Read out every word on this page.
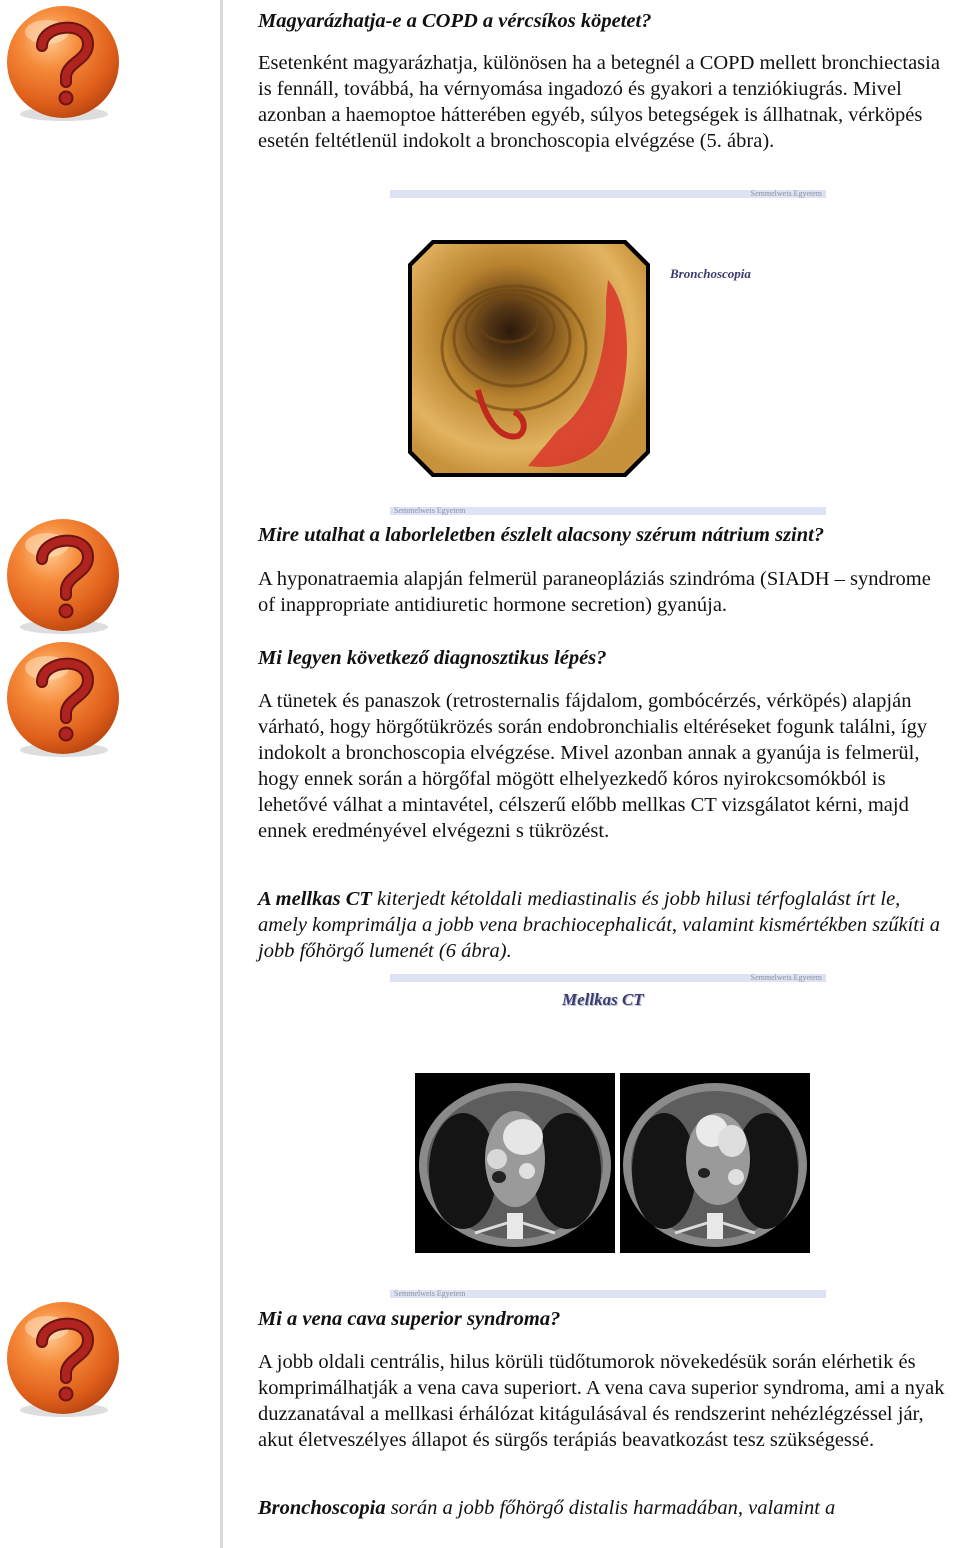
Magyarázhatja-e a COPD a vércsíkos köpetet?

Esetenként magyarázhatja, különösen ha a betegnél a COPD mellett bronchiectasia is fennáll, továbbá, ha vérnyomása ingadozó és gyakori a tenziókiugrás. Mivel azonban a haemoptoe hátterében egyéb, súlyos betegségek is állhatnak, vérköpés esetén feltétlenül indokolt a bronchoscopia elvégzése (5. ábra).

Semmelweis Egyetem
Bronchoscopia
Semmelweis Egyetem

Mire utalhat a laborleletben észlelt alacsony szérum nátrium szint?

A hyponatraemia alapján felmerül paraneopláziás szindróma (SIADH – syndrome of inappropriate antidiuretic hormone secretion) gyanúja.

Mi legyen következő diagnosztikus lépés?

A tünetek és panaszok (retrosternalis fájdalom, gombócérzés, vérköpés) alapján várható, hogy hörgőtükrözés során endobronchialis eltéréseket fogunk találni, így indokolt a bronchoscopia elvégzése. Mivel azonban annak a gyanúja is felmerül, hogy ennek során a hörgőfal mögött elhelyezkedő kóros nyirokcsomókból is lehetővé válhat a mintavétel, célszerű előbb mellkas CT vizsgálatot kérni, majd ennek eredményével elvégezni s tükrözést.

A mellkas CT kiterjedt kétoldali mediastinalis és jobb hilusi térfoglalást írt le, amely komprimálja a jobb vena brachiocephalicát, valamint kismértékben szűkíti a jobb főhörgő lumenét (6 ábra).

Semmelweis Egyetem
Mellkas CT
Semmelweis Egyetem

Mi a vena cava superior syndroma?

A jobb oldali centrális, hilus körüli tüdőtumorok növekedésük során elérhetik és komprimálhatják a vena cava superiort. A vena cava superior syndroma, ami a nyak duzzanatával a mellkasi érhálózat kitágulásával és rendszerint nehézlégzéssel jár, akut életveszélyes állapot és sürgős terápiás beavatkozást tesz szükségessé.

Bronchoscopia során a jobb főhörgő distalis harmadában, valamint a
